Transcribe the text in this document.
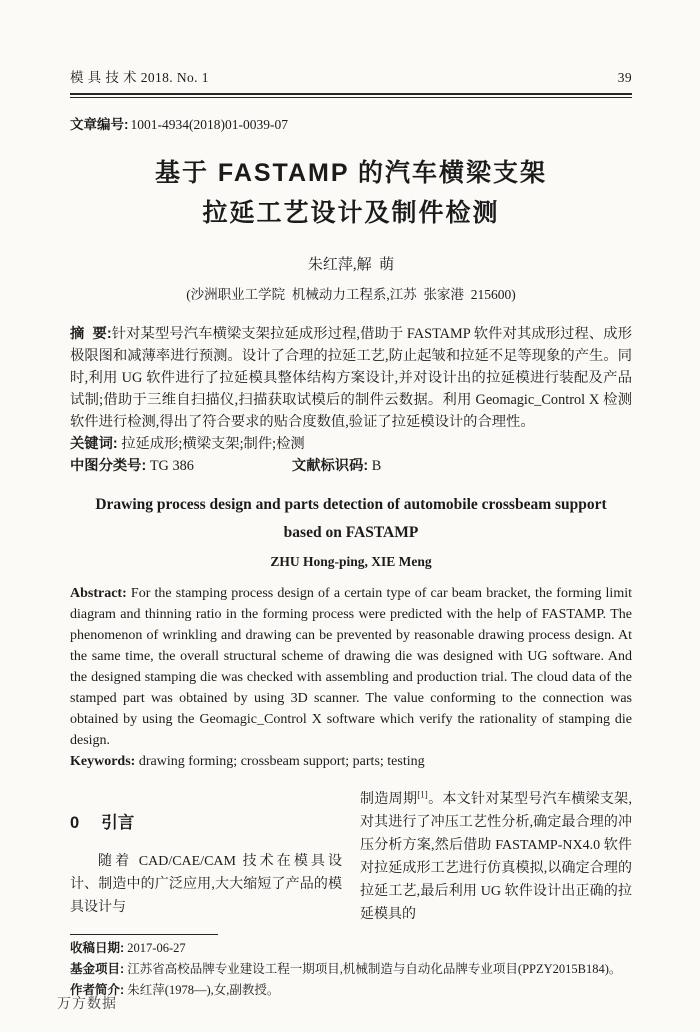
模 具 技 术 2018. No. 1	39
文章编号: 1001-4934(2018)01-0039-07
基于 FASTAMP 的汽车横梁支架
拉延工艺设计及制件检测
朱红萍,解  萌
(沙洲职业工学院  机械动力工程系,江苏  张家港  215600)
摘  要:针对某型号汽车横梁支架拉延成形过程,借助于 FASTAMP 软件对其成形过程、成形极限图和减薄率进行预测。设计了合理的拉延工艺,防止起皱和拉延不足等现象的产生。同时,利用 UG 软件进行了拉延模具整体结构方案设计,并对设计出的拉延模进行装配及产品试制;借助于三维自扫描仪,扫描获取试模后的制件云数据。利用 Geomagic_Control X 检测软件进行检测,得出了符合要求的贴合度数值,验证了拉延模设计的合理性。
关键词: 拉延成形;横梁支架;制件;检测
中图分类号: TG 386	文献标识码: B
Drawing process design and parts detection of automobile crossbeam support
based on FASTAMP
ZHU Hong-ping, XIE Meng
Abstract: For the stamping process design of a certain type of car beam bracket, the forming limit diagram and thinning ratio in the forming process were predicted with the help of FASTAMP. The phenomenon of wrinkling and drawing can be prevented by reasonable drawing process design. At the same time, the overall structural scheme of drawing die was designed with UG software. And the designed stamping die was checked with assembling and production trial. The cloud data of the stamped part was obtained by using 3D scanner. The value conforming to the connection was obtained by using the Geomagic_Control X software which verify the rationality of stamping die design.
Keywords: drawing forming; crossbeam support; parts; testing
0 引言
随着 CAD/CAE/CAM 技术在模具设计、制造中的广泛应用,大大缩短了产品的模具设计与
制造周期[1]。本文针对某型号汽车横梁支架,对其进行了冲压工艺性分析,确定最合理的冲压分析方案,然后借助 FASTAMP-NX4.0 软件对拉延成形工艺进行仿真模拟,以确定合理的拉延工艺,最后利用 UG 软件设计出正确的拉延模具的
收稿日期: 2017-06-27
基金项目: 江苏省高校品牌专业建设工程一期项目,机械制造与自动化品牌专业项目(PPZY2015B184)。
作者简介: 朱红萍(1978—),女,副教授。
万方数据
